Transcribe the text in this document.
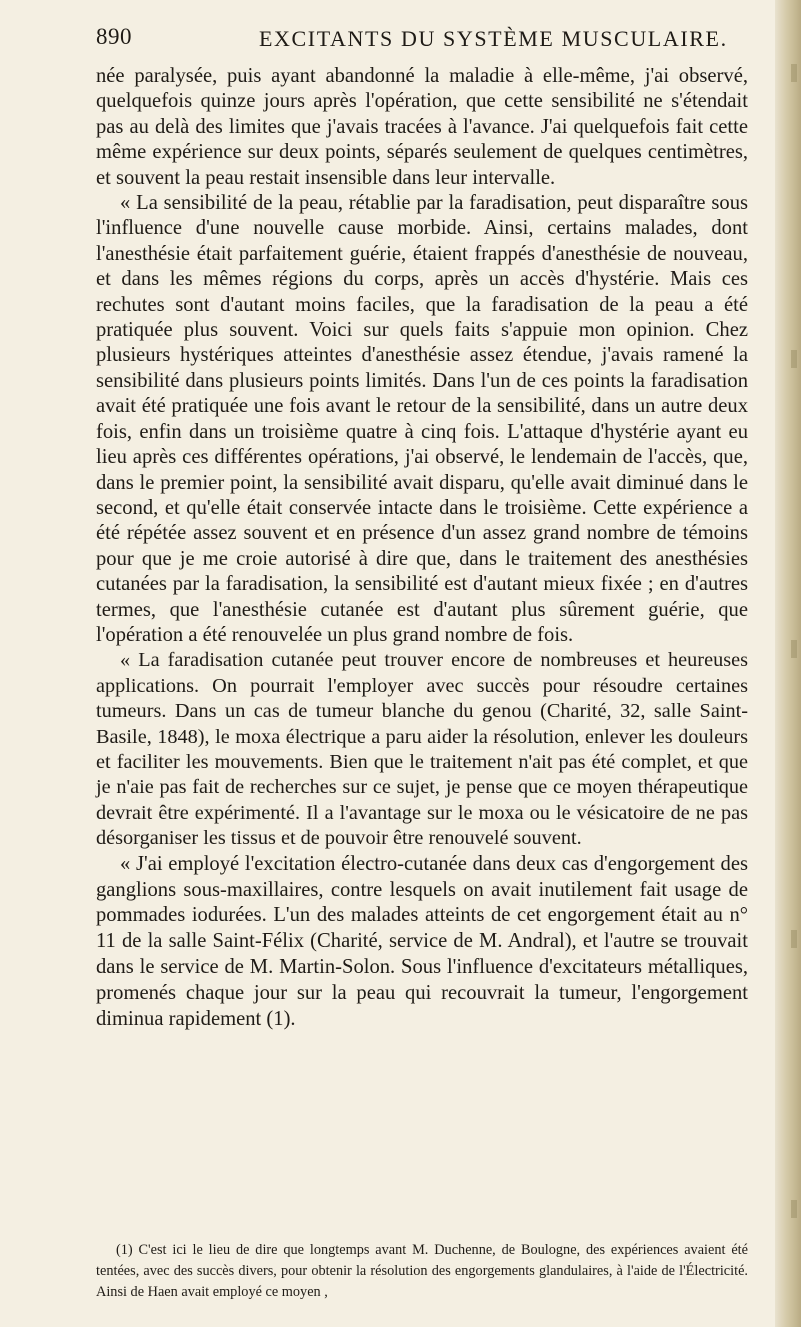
890	EXCITANTS DU SYSTÈME MUSCULAIRE.

née paralysée, puis ayant abandonné la maladie à elle-même, j'ai observé, quelquefois quinze jours après l'opération, que cette sensibilité ne s'étendait pas au delà des limites que j'avais tracées à l'avance. J'ai quelquefois fait cette même expérience sur deux points, séparés seulement de quelques centimètres, et souvent la peau restait insensible dans leur intervalle.

« La sensibilité de la peau, rétablie par la faradisation, peut disparaître sous l'influence d'une nouvelle cause morbide. Ainsi, certains malades, dont l'anesthésie était parfaitement guérie, étaient frappés d'anesthésie de nouveau, et dans les mêmes régions du corps, après un accès d'hystérie. Mais ces rechutes sont d'autant moins faciles, que la faradisation de la peau a été pratiquée plus souvent. Voici sur quels faits s'appuie mon opinion. Chez plusieurs hystériques atteintes d'anesthésie assez étendue, j'avais ramené la sensibilité dans plusieurs points limités. Dans l'un de ces points la faradisation avait été pratiquée une fois avant le retour de la sensibilité, dans un autre deux fois, enfin dans un troisième quatre à cinq fois. L'attaque d'hystérie ayant eu lieu après ces différentes opérations, j'ai observé, le lendemain de l'accès, que, dans le premier point, la sensibilité avait disparu, qu'elle avait diminué dans le second, et qu'elle était conservée intacte dans le troisième. Cette expérience a été répétée assez souvent et en présence d'un assez grand nombre de témoins pour que je me croie autorisé à dire que, dans le traitement des anesthésies cutanées par la faradisation, la sensibilité est d'autant mieux fixée ; en d'autres termes, que l'anesthésie cutanée est d'autant plus sûrement guérie, que l'opération a été renouvelée un plus grand nombre de fois.

« La faradisation cutanée peut trouver encore de nombreuses et heureuses applications. On pourrait l'employer avec succès pour résoudre certaines tumeurs. Dans un cas de tumeur blanche du genou (Charité, 32, salle Saint-Basile, 1848), le moxa électrique a paru aider la résolution, enlever les douleurs et faciliter les mouvements. Bien que le traitement n'ait pas été complet, et que je n'aie pas fait de recherches sur ce sujet, je pense que ce moyen thérapeutique devrait être expérimenté. Il a l'avantage sur le moxa ou le vésicatoire de ne pas désorganiser les tissus et de pouvoir être renouvelé souvent.

« J'ai employé l'excitation électro-cutanée dans deux cas d'engorgement des ganglions sous-maxillaires, contre lesquels on avait inutilement fait usage de pommades iodurées. L'un des malades atteints de cet engorgement était au n° 11 de la salle Saint-Félix (Charité, service de M. Andral), et l'autre se trouvait dans le service de M. Martin-Solon. Sous l'influence d'excitateurs métalliques, promenés chaque jour sur la peau qui recouvrait la tumeur, l'engorgement diminua rapidement (1).

(1) C'est ici le lieu de dire que longtemps avant M. Duchenne, de Boulogne, des expériences avaient été tentées, avec des succès divers, pour obtenir la résolution des engorgements glandulaires, à l'aide de l'Électricité. Ainsi de Haen avait employé ce moyen ,
